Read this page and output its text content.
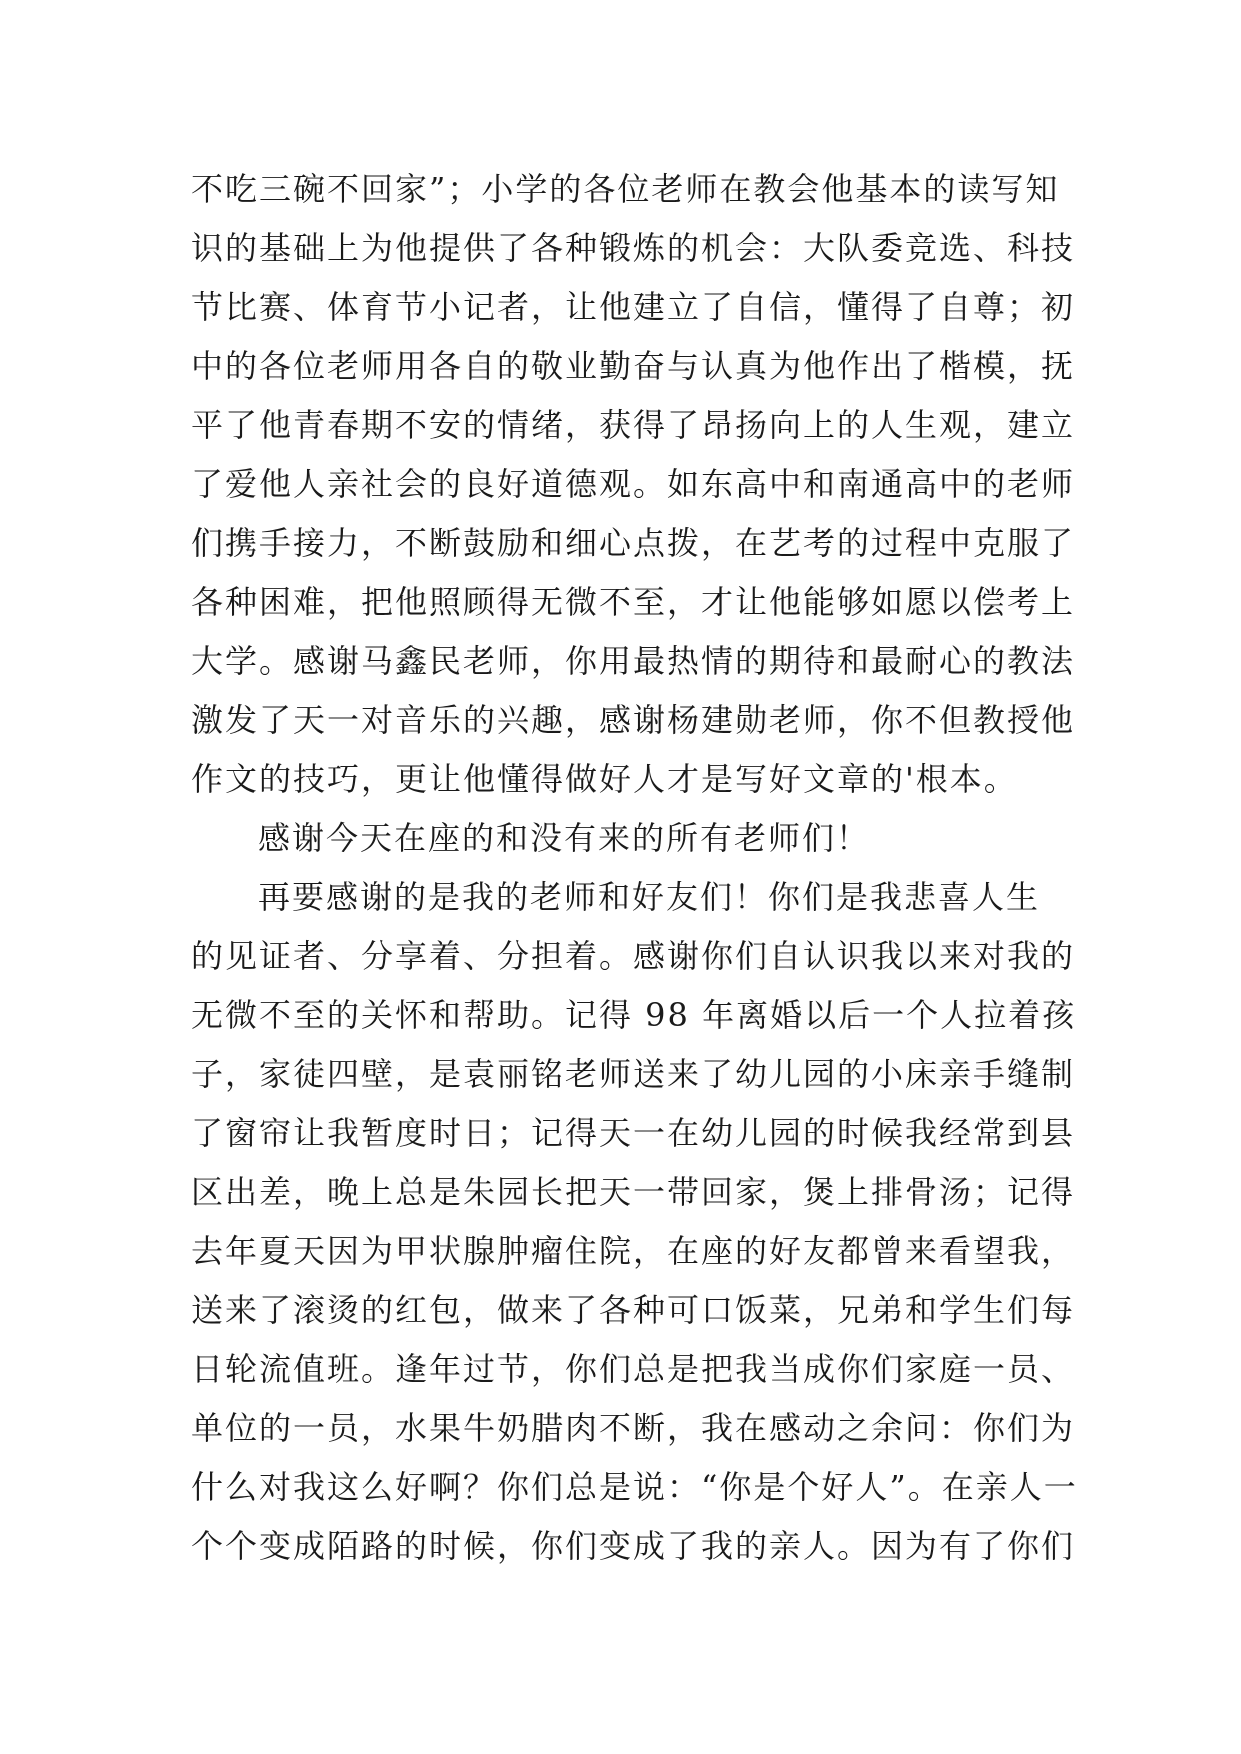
不吃三碗不回家”；小学的各位老师在教会他基本的读写知
识的基础上为他提供了各种锻炼的机会：大队委竞选、科技
节比赛、体育节小记者，让他建立了自信，懂得了自尊；初
中的各位老师用各自的敬业勤奋与认真为他作出了楷模，抚
平了他青春期不安的情绪，获得了昂扬向上的人生观，建立
了爱他人亲社会的良好道德观。如东高中和南通高中的老师
们携手接力，不断鼓励和细心点拨，在艺考的过程中克服了
各种困难，把他照顾得无微不至，才让他能够如愿以偿考上
大学。感谢马鑫民老师，你用最热情的期待和最耐心的教法
激发了天一对音乐的兴趣，感谢杨建勋老师，你不但教授他
作文的技巧，更让他懂得做好人才是写好文章的'根本。
感谢今天在座的和没有来的所有老师们！
再要感谢的是我的老师和好友们！你们是我悲喜人生
的见证者、分享着、分担着。感谢你们自认识我以来对我的
无微不至的关怀和帮助。记得 98 年离婚以后一个人拉着孩
子，家徒四壁，是袁丽铭老师送来了幼儿园的小床亲手缝制
了窗帘让我暂度时日；记得天一在幼儿园的时候我经常到县
区出差，晚上总是朱园长把天一带回家，煲上排骨汤；记得
去年夏天因为甲状腺肿瘤住院，在座的好友都曾来看望我，
送来了滚烫的红包，做来了各种可口饭菜，兄弟和学生们每
日轮流值班。逢年过节，你们总是把我当成你们家庭一员、
单位的一员，水果牛奶腊肉不断，我在感动之余问：你们为
什么对我这么好啊？你们总是说：“你是个好人”。在亲人一
个个变成陌路的时候，你们变成了我的亲人。因为有了你们
